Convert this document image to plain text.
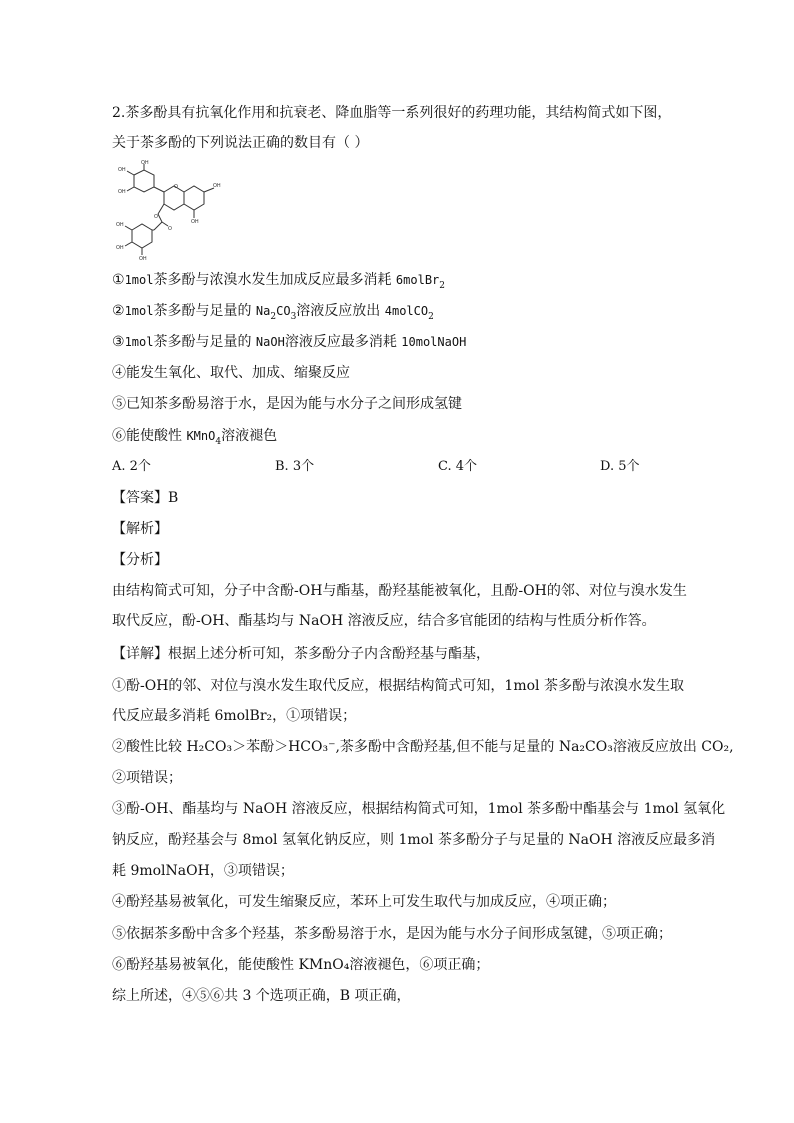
2.茶多酚具有抗氧化作用和抗衰老、降血脂等一系列很好的药理功能，其结构简式如下图，
关于茶多酚的下列说法正确的数目有（ ）
OH
OH
OH
OH
OH
OH
OH
OH
O
O
O
①1mol茶多酚与浓溴水发生加成反应最多消耗 6molBr$_2$
②1mol茶多酚与足量的 $Na_2CO_3$溶液反应放出 4molCO$_2$
③1mol茶多酚与足量的 NaOH溶液反应最多消耗 10molNaOH
④能发生氧化、取代、加成、缩聚反应
⑤已知茶多酚易溶于水，是因为能与水分子之间形成氢键
⑥能使酸性 KMnO$_4$溶液褪色
A. 2个	B. 3个	C. 4个	D. 5个
【答案】B
【解析】
【分析】
由结构简式可知，分子中含酚-OH与酯基，酚羟基能被氧化，且酚-OH的邻、对位与溴水发生
取代反应，酚-OH、酯基均与 NaOH 溶液反应，结合多官能团的结构与性质分析作答。
【详解】根据上述分析可知，茶多酚分子内含酚羟基与酯基，
①酚-OH的邻、对位与溴水发生取代反应，根据结构简式可知，1mol 茶多酚与浓溴水发生取
代反应最多消耗 6molBr₂，①项错误；
②酸性比较 H₂CO₃＞苯酚＞HCO₃⁻,茶多酚中含酚羟基,但不能与足量的 Na₂CO₃溶液反应放出 CO₂,
②项错误；
③酚-OH、酯基均与 NaOH 溶液反应，根据结构简式可知，1mol 茶多酚中酯基会与 1mol 氢氧化
钠反应，酚羟基会与 8mol 氢氧化钠反应，则 1mol 茶多酚分子与足量的 NaOH 溶液反应最多消
耗 9molNaOH，③项错误；
④酚羟基易被氧化，可发生缩聚反应，苯环上可发生取代与加成反应，④项正确；
⑤依据茶多酚中含多个羟基，茶多酚易溶于水，是因为能与水分子间形成氢键，⑤项正确；
⑥酚羟基易被氧化，能使酸性 KMnO₄溶液褪色，⑥项正确；
综上所述，④⑤⑥共 3 个选项正确，B 项正确，
